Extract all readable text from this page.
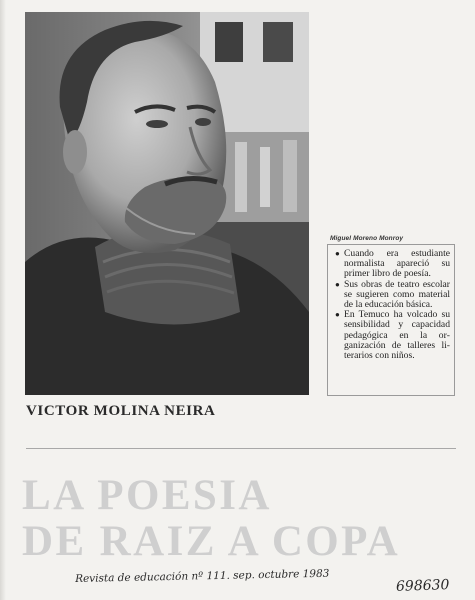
Miguel Moreno Monroy

● Cuando era estudiante normalista apareció su primer libro de poesía.

● Sus obras de teatro escolar se sugieren como material de la educación básica.

● En Temuco ha volcado su sensibilidad y capacidad pedagógica en la organización de talleres literarios con niños.

VICTOR MOLINA NEIRA
LA POESIA
DE RAIZ A COPA
Revista de educación nº 111. sep. octubre 1983
698630
